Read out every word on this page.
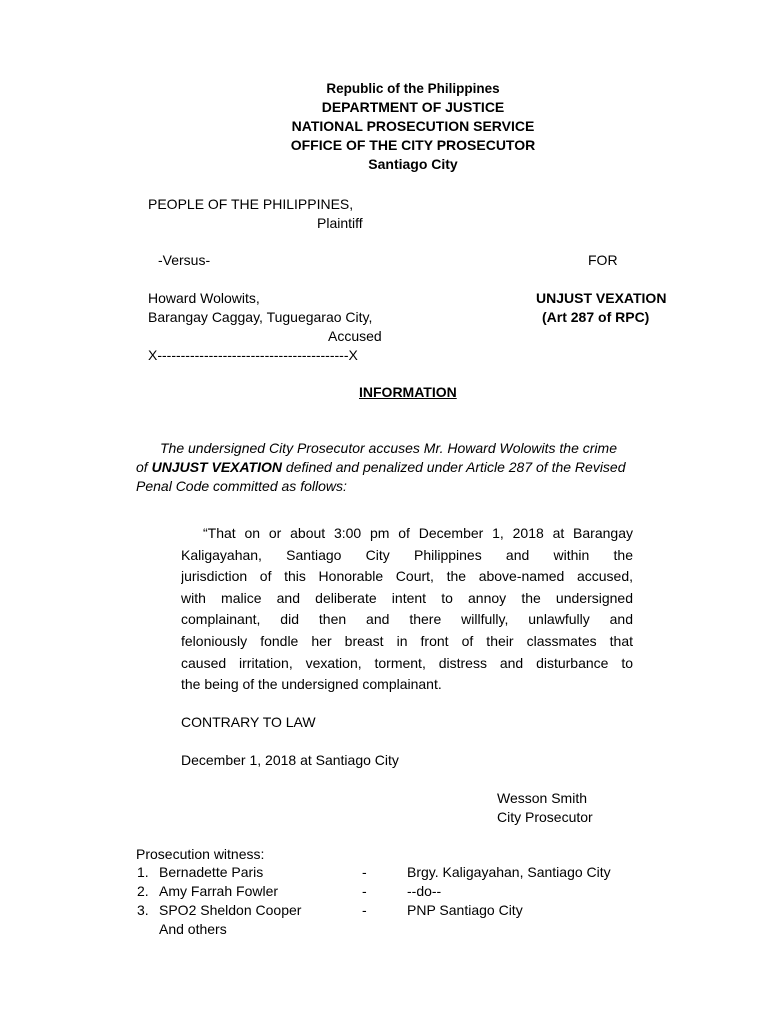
Republic of the Philippines
DEPARTMENT OF JUSTICE
NATIONAL PROSECUTION SERVICE
OFFICE OF THE CITY PROSECUTOR
Santiago City
PEOPLE OF THE PHILIPPINES,
Plaintiff
-Versus-	FOR
Howard Wolowits,
Barangay Caggay, Tuguegarao City,
Accused
X-----------------------------------------X
UNJUST VEXATION
(Art 287 of RPC)
INFORMATION
The undersigned City Prosecutor accuses Mr. Howard Wolowits the crime
of UNJUST VEXATION defined and penalized under Article 287 of the Revised
Penal Code committed as follows:
“That on or about 3:00 pm of December 1, 2018 at Barangay
Kaligayahan, Santiago City Philippines and within the
jurisdiction of this Honorable Court, the above-named accused,
with malice and deliberate intent to annoy the undersigned
complainant, did then and there willfully, unlawfully and
feloniously fondle her breast in front of their classmates that
caused irritation, vexation, torment, distress and disturbance to
the being of the undersigned complainant.
CONTRARY TO LAW
December 1, 2018 at Santiago City
Wesson Smith
City Prosecutor
Prosecution witness:
1. Bernadette Paris	-	Brgy. Kaligayahan, Santiago City
2. Amy Farrah Fowler	-	--do--
3. SPO2 Sheldon Cooper	-	PNP Santiago City
And others
